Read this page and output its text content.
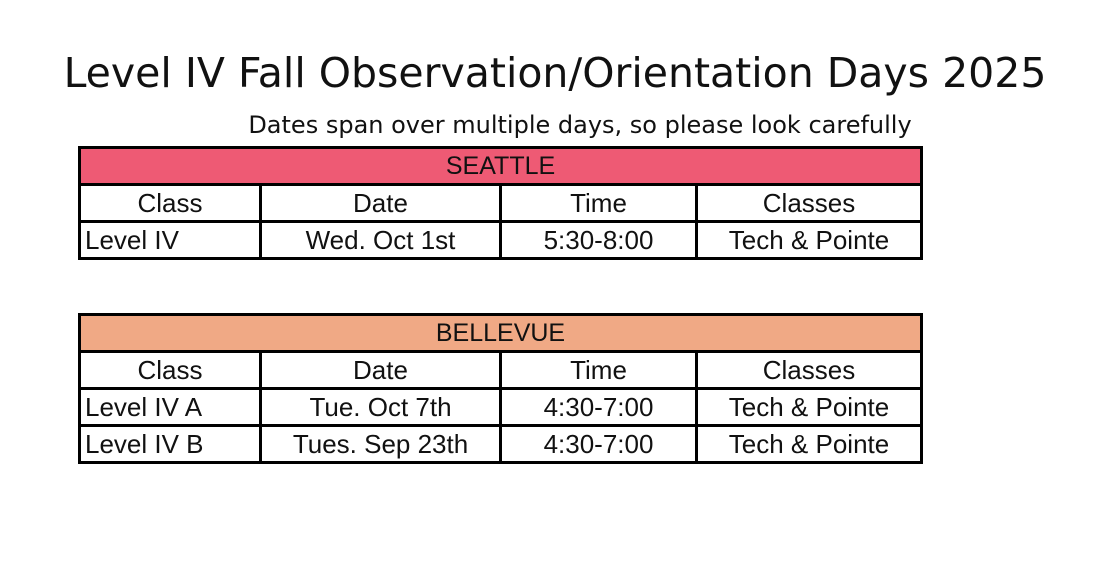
Level IV Fall Observation/Orientation Days 2025
Dates span over multiple days, so please look carefully
SEATTLE			
Class	Date	Time	Classes
Level IV	Wed. Oct 1st	5:30-8:00	Tech & Pointe
BELLEVUE			
Class	Date	Time	Classes
Level IV A	Tue. Oct 7th	4:30-7:00	Tech & Pointe
Level IV B	Tues. Sep 23th	4:30-7:00	Tech & Pointe
